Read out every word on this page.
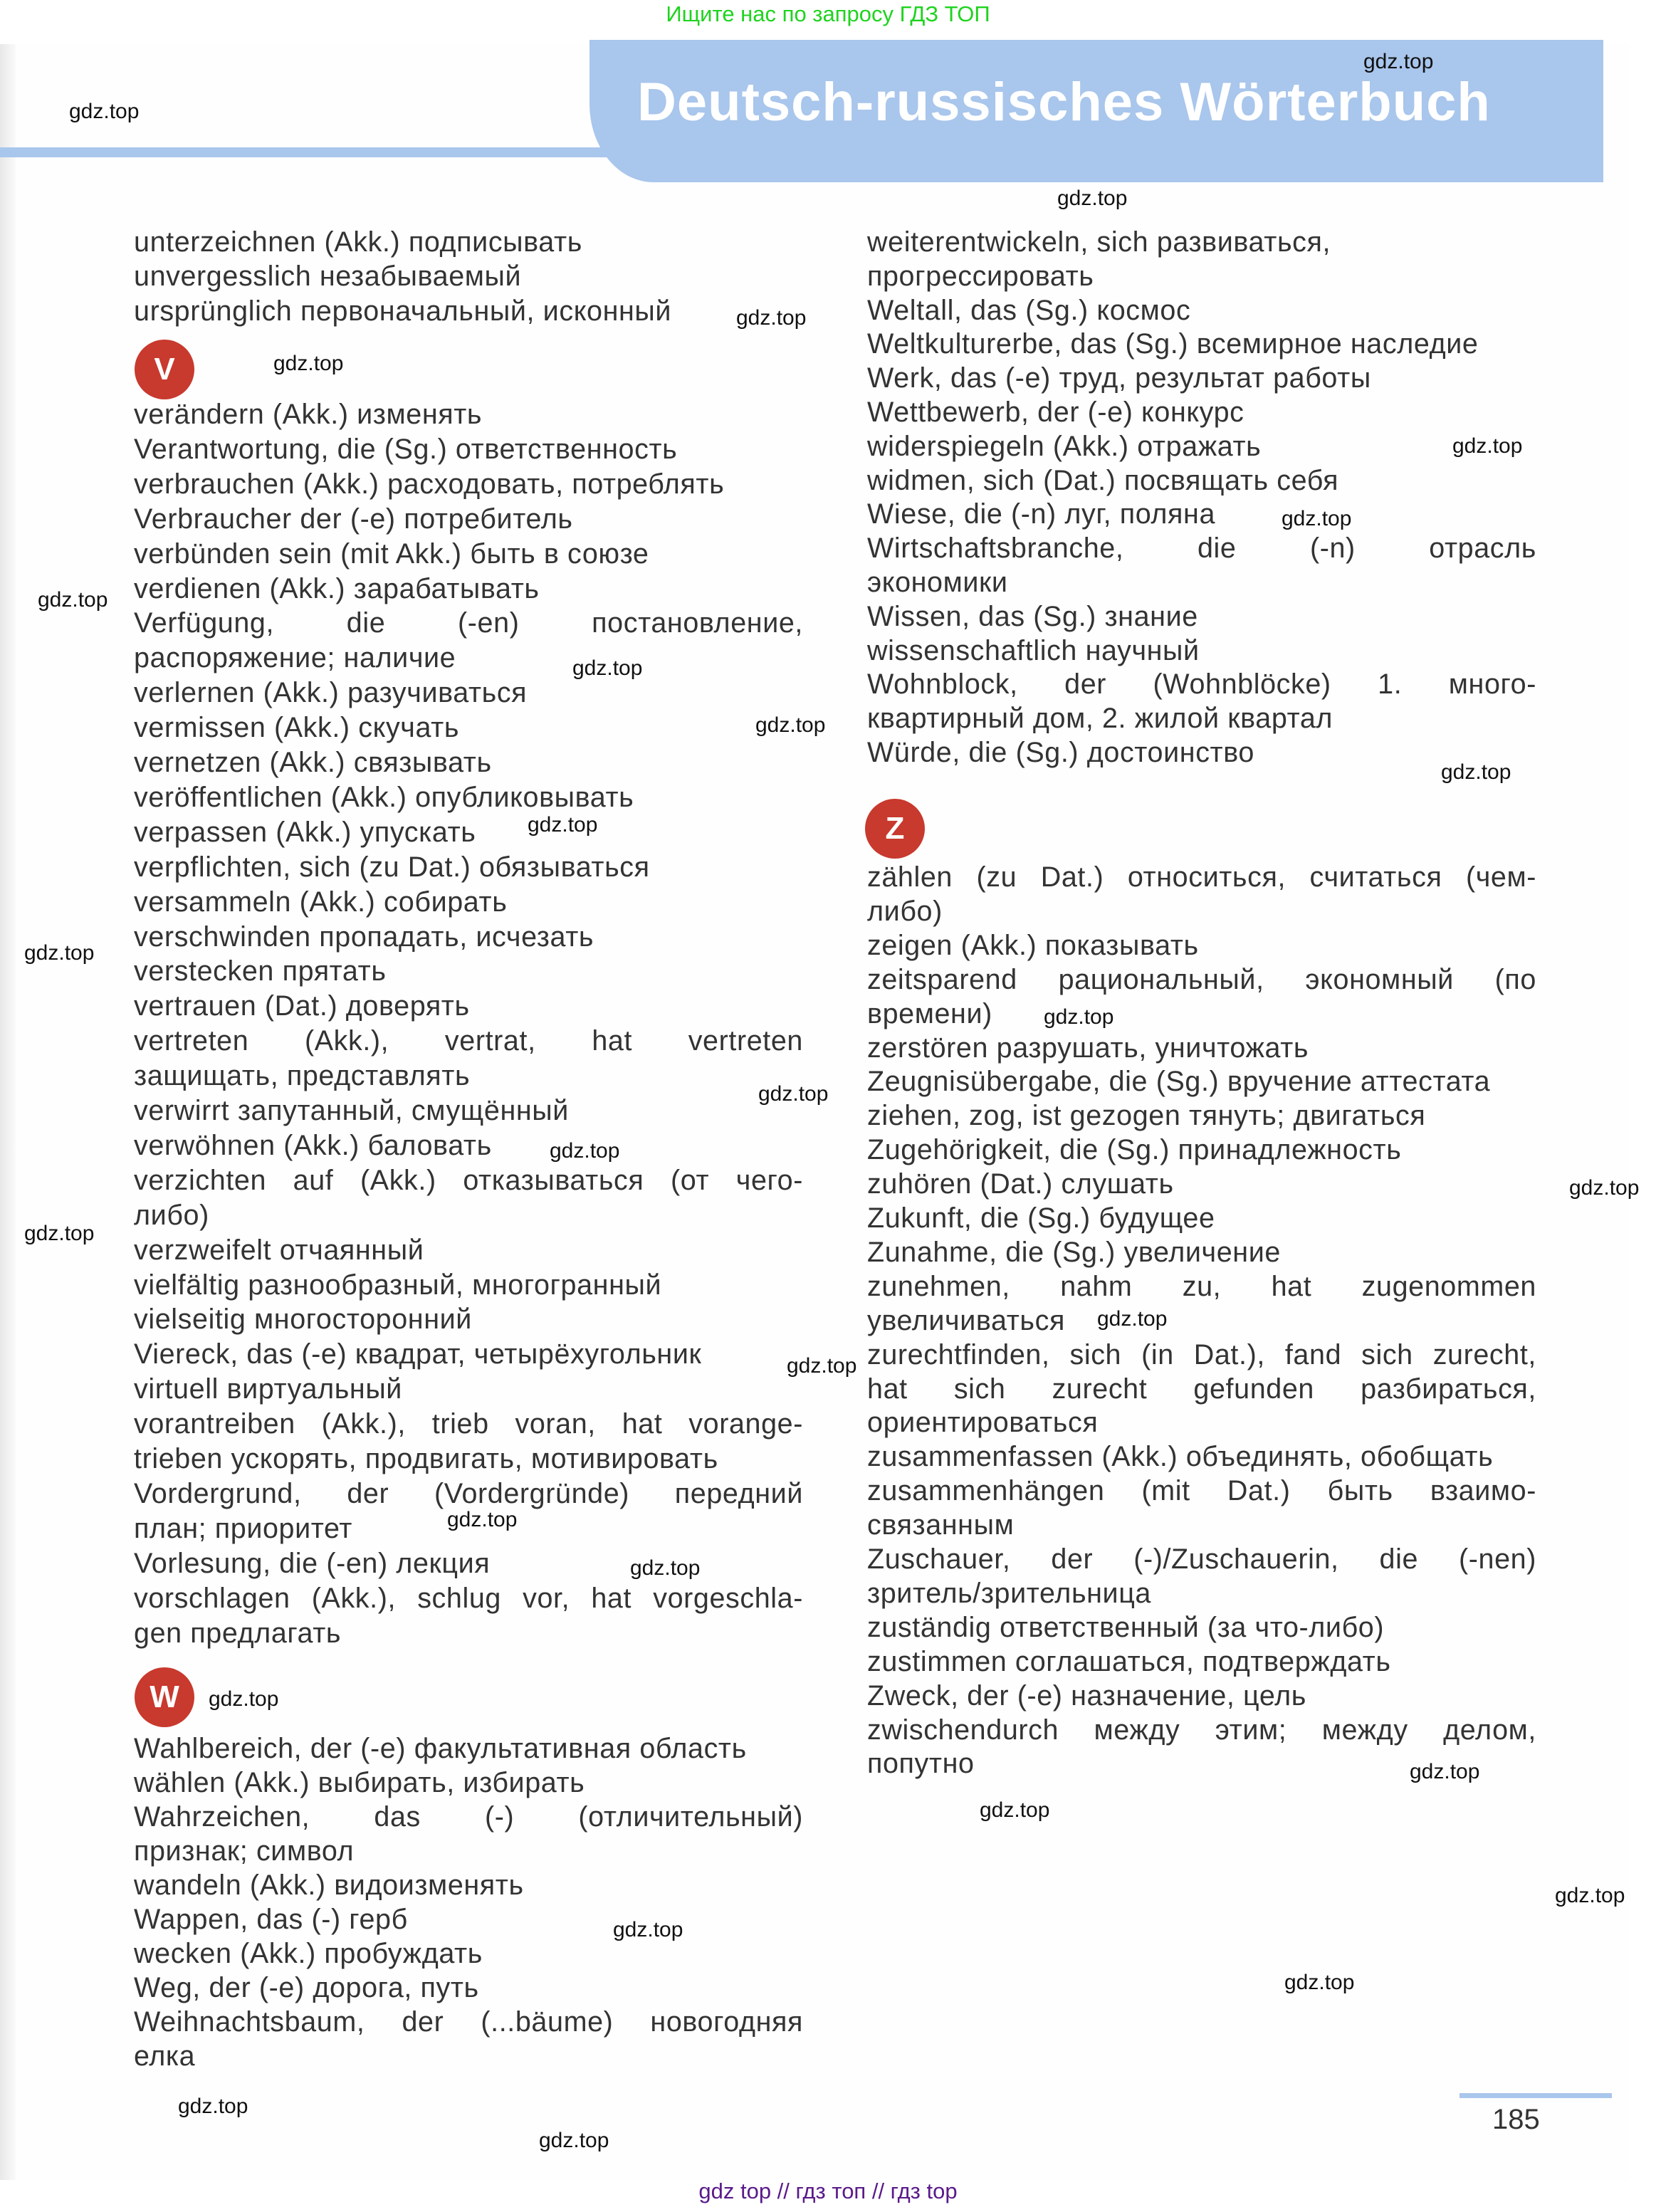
Ищите нас по запросу ГДЗ ТОП
Deutsch-russisches Wörterbuch
V
W
Z
unterzeichnen (Akk.) подписывать
unvergesslich незабываемый
ursprünglich первоначальный, исконный
verändern (Akk.) изменять
Verantwortung, die (Sg.) ответственность
verbrauchen (Akk.) расходовать, потреблять
Verbraucher der (-e) потребитель
verbünden sein (mit Akk.) быть в союзе
verdienen (Akk.) зарабатывать
Verfügung, die (-en) постановление,
распоряжение; наличие
verlernen (Akk.) разучиваться
vermissen (Akk.) скучать
vernetzen (Akk.) связывать
veröffentlichen (Akk.) опубликовывать
verpassen (Akk.) упускать
verpflichten, sich (zu Dat.) обязываться
versammeln (Akk.) собирать
verschwinden пропадать, исчезать
verstecken прятать
vertrauen (Dat.) доверять
vertreten (Akk.), vertrat, hat vertreten
защищать, представлять
verwirrt запутанный, смущённый
verwöhnen (Akk.) баловать
verzichten auf (Akk.) отказываться (от чего-
либо)
verzweifelt отчаянный
vielfältig разнообразный, многогранный
vielseitig многосторонний
Viereck, das (-e) квадрат, четырёхугольник
virtuell виртуальный
vorantreiben (Akk.), trieb voran, hat vorange-
trieben ускорять, продвигать, мотивировать
Vordergrund, der (Vordergründe) передний
план; приоритет
Vorlesung, die (-en) лекция
vorschlagen (Akk.), schlug vor, hat vorgeschla-
gen предлагать
Wahlbereich, der (-e) факультативная область
wählen (Akk.) выбирать, избирать
Wahrzeichen, das (-) (отличительный)
признак; символ
wandeln (Akk.) видоизменять
Wappen, das (-) герб
wecken (Akk.) пробуждать
Weg, der (-e) дорога, путь
Weihnachtsbaum, der (...bäume) новогодняя
елка
weiterentwickeln, sich развиваться,
прогрессировать
Weltall, das (Sg.) космос
Weltkulturerbe, das (Sg.) всемирное наследие
Werk, das (-e) труд, результат работы
Wettbewerb, der (-e) конкурс
widerspiegeln (Akk.) отражать
widmen, sich (Dat.) посвящать себя
Wiese, die (-n) луг, поляна
Wirtschaftsbranche, die (-n) отрасль
экономики
Wissen, das (Sg.) знание
wissenschaftlich научный
Wohnblock, der (Wohnblöcke) 1. много-
квартирный дом, 2. жилой квартал
Würde, die (Sg.) достоинство
zählen (zu Dat.) относиться, считаться (чем-
либо)
zeigen (Akk.) показывать
zeitsparend рациональный, экономный (по
времени)
zerstören разрушать, уничтожать
Zeugnisübergabe, die (Sg.) вручение аттестата
ziehen, zog, ist gezogen тянуть; двигаться
Zugehörigkeit, die (Sg.) принадлежность
zuhören (Dat.) слушать
Zukunft, die (Sg.) будущее
Zunahme, die (Sg.) увеличение
zunehmen, nahm zu, hat zugenommen
увеличиваться
zurechtfinden, sich (in Dat.), fand sich zurecht,
hat sich zurecht gefunden разбираться,
ориентироваться
zusammenfassen (Akk.) объединять, обобщать
zusammenhängen (mit Dat.) быть взаимо-
связанным
Zuschauer, der (-)/Zuschauerin, die (-nen)
зритель/зрительница
zuständig ответственный (за что-либо)
zustimmen соглашаться, подтверждать
Zweck, der (-e) назначение, цель
zwischendurch между этим; между делом,
попутно
gdz.top
gdz.top
gdz.top
gdz.top
gdz.top
gdz.top
gdz.top
gdz.top
gdz.top
gdz.top
gdz.top
gdz.top
gdz.top
gdz.top
gdz.top
gdz.top
gdz.top
gdz.top
gdz.top
gdz.top
gdz.top
gdz.top
gdz.top
gdz.top
gdz.top
gdz.top
gdz.top
gdz.top
gdz.top
gdz.top
185
gdz top // гдз топ // гдз top
